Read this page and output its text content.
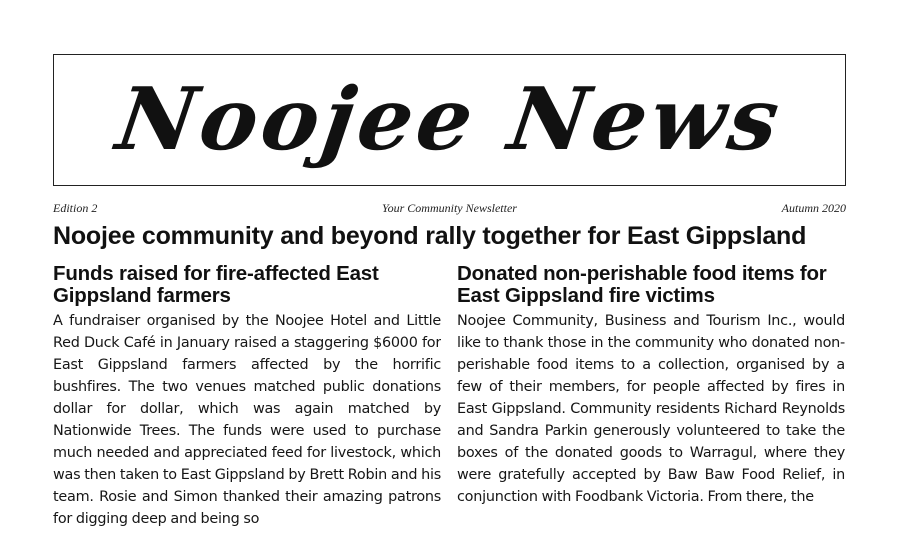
Noojee News
Edition 2	Your Community Newsletter	Autumn 2020
Noojee community and beyond rally together for East Gippsland
Funds raised for fire-affected East Gippsland farmers

A fundraiser organised by the Noojee Hotel and Little Red Duck Café in January raised a staggering $6000 for East Gippsland farmers affected by the horrific bushfires. The two venues matched public donations dollar for dollar, which was again matched by Nationwide Trees. The funds were used to purchase much needed and appreciated feed for livestock, which was then taken to East Gippsland by Brett Robin and his team. Rosie and Simon thanked their amazing patrons for digging deep and being so

Donated non-perishable food items for East Gippsland fire victims

Noojee Community, Business and Tourism Inc., would like to thank those in the community who donated non-perishable food items to a collection, organised by a few of their members, for people affected by fires in East Gippsland. Community residents Richard Reynolds and Sandra Parkin generously volunteered to take the boxes of the donated goods to Warragul, where they were gratefully accepted by Baw Baw Food Relief, in conjunction with Foodbank Victoria. From there, the
